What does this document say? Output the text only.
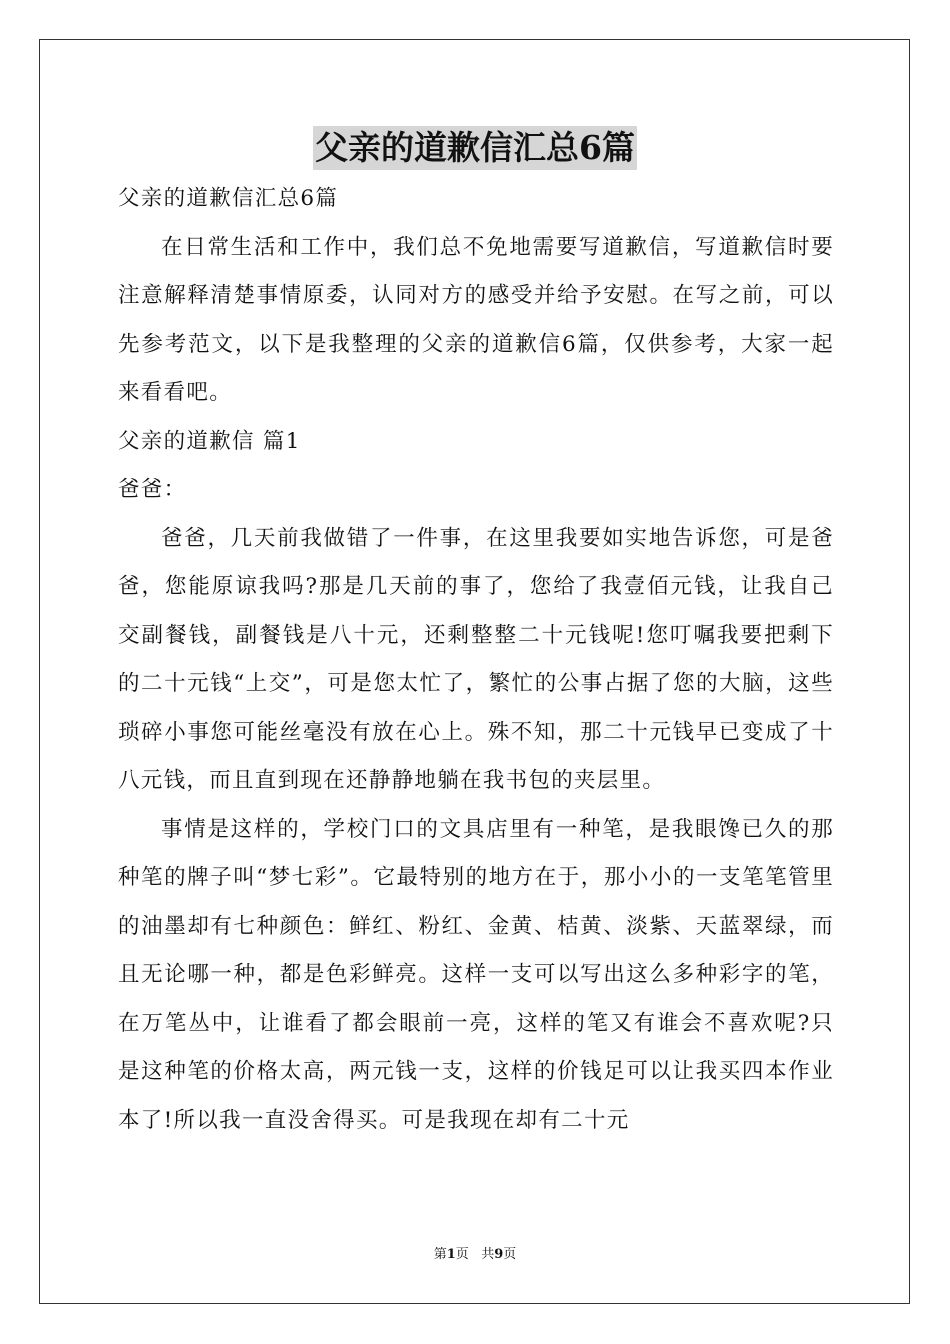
父亲的道歉信汇总6篇
父亲的道歉信汇总6篇

在日常生活和工作中，我们总不免地需要写道歉信，写道歉信时要注意解释清楚事情原委，认同对方的感受并给予安慰。在写之前，可以先参考范文，以下是我整理的父亲的道歉信6篇，仅供参考，大家一起来看看吧。

父亲的道歉信 篇1
爸爸：

爸爸，几天前我做错了一件事，在这里我要如实地告诉您，可是爸爸，您能原谅我吗?那是几天前的事了，您给了我壹佰元钱，让我自己交副餐钱，副餐钱是八十元，还剩整整二十元钱呢!您叮嘱我要把剩下的二十元钱“上交”，可是您太忙了，繁忙的公事占据了您的大脑，这些琐碎小事您可能丝毫没有放在心上。殊不知，那二十元钱早已变成了十八元钱，而且直到现在还静静地躺在我书包的夹层里。

事情是这样的，学校门口的文具店里有一种笔，是我眼馋已久的那种笔的牌子叫“梦七彩”。它最特别的地方在于，那小小的一支笔笔管里的油墨却有七种颜色：鲜红、粉红、金黄、桔黄、淡紫、天蓝翠绿，而且无论哪一种，都是色彩鲜亮。这样一支可以写出这么多种彩字的笔，在万笔丛中，让谁看了都会眼前一亮，这样的笔又有谁会不喜欢呢?只是这种笔的价格太高，两元钱一支，这样的价钱足可以让我买四本作业本了!所以我一直没舍得买。可是我现在却有二十元

第1页 共9页
